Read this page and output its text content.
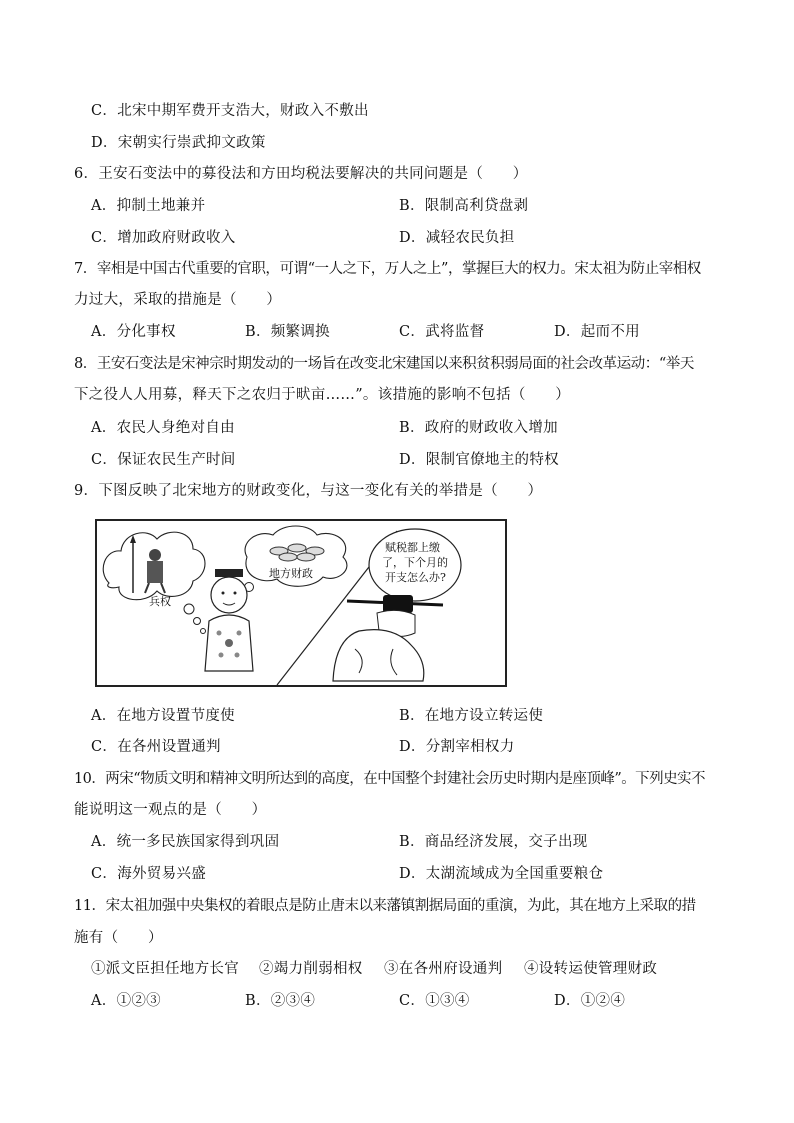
C．北宋中期军费开支浩大，财政入不敷出
D．宋朝实行崇武抑文政策
6．王安石变法中的募役法和方田均税法要解决的共同问题是（　　）
A．抑制土地兼并	B．限制高利贷盘剥
C．增加政府财政收入	D．减轻农民负担
7．宰相是中国古代重要的官职，可谓“一人之下，万人之上”，掌握巨大的权力。宋太祖为防止宰相权
力过大，采取的措施是（　　）
A．分化事权	B．频繁调换	C．武将监督	D．起而不用
8．王安石变法是宋神宗时期发动的一场旨在改变北宋建国以来积贫积弱局面的社会改革运动：“举天
下之役人人用募，释天下之农归于畎亩……”。该措施的影响不包括（　　）
A．农民人身绝对自由	B．政府的财政收入增加
C．保证农民生产时间	D．限制官僚地主的特权
9．下图反映了北宋地方的财政变化，与这一变化有关的举措是（　　）
兵权
地方财政
赋税都上缴
了，下个月的
开支怎么办?
A．在地方设置节度使	B．在地方设立转运使
C．在各州设置通判	D．分割宰相权力
10．两宋“物质文明和精神文明所达到的高度，在中国整个封建社会历史时期内是座顶峰”。下列史实不
能说明这一观点的是（　　）
A．统一多民族国家得到巩固	B．商品经济发展，交子出现
C．海外贸易兴盛	D．太湖流域成为全国重要粮仓
11．宋太祖加强中央集权的着眼点是防止唐末以来藩镇割据局面的重演，为此，其在地方上采取的措
施有（　　）
①派文臣担任地方长官 ②竭力削弱相权 ③在各州府设通判 ④设转运使管理财政
A．①②③	B．②③④	C．①③④	D．①②④
